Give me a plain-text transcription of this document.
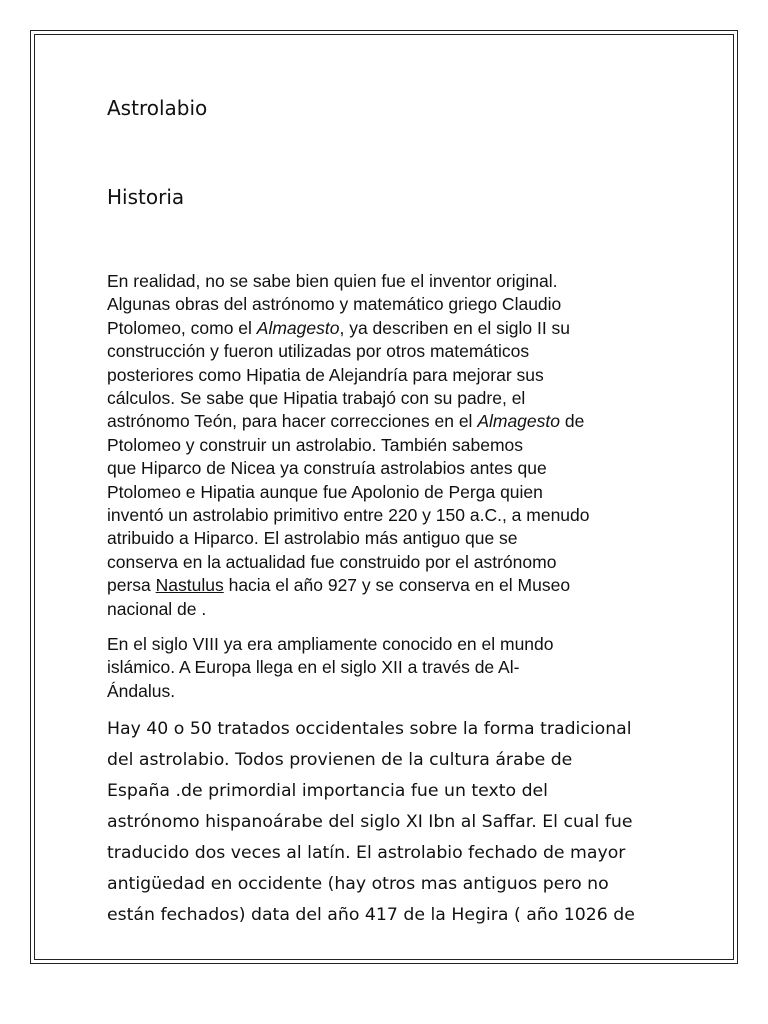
Astrolabio
Historia

En realidad, no se sabe bien quien fue el inventor original.
Algunas obras del astrónomo y matemático griego Claudio
Ptolomeo, como el Almagesto, ya describen en el siglo II su
construcción y fueron utilizadas por otros matemáticos
posteriores como Hipatia de Alejandría para mejorar sus
cálculos. Se sabe que Hipatia trabajó con su padre, el
astrónomo Teón, para hacer correcciones en el Almagesto de
Ptolomeo y construir un astrolabio. También sabemos
que Hiparco de Nicea ya construía astrolabios antes que
Ptolomeo e Hipatia aunque fue Apolonio de Perga quien
inventó un astrolabio primitivo entre 220 y 150 a.C., a menudo
atribuido a Hiparco. El astrolabio más antiguo que se
conserva en la actualidad fue construido por el astrónomo
persa Nastulus hacia el año 927 y se conserva en el Museo
nacional de .

En el siglo VIII ya era ampliamente conocido en el mundo
islámico. A Europa llega en el siglo XII a través de Al-
Ándalus.

Hay 40 o 50 tratados occidentales sobre la forma tradicional
del astrolabio. Todos provienen de la cultura árabe de
España .de primordial importancia fue un texto del
astrónomo hispanoárabe del siglo XI Ibn al Saffar. El cual fue
traducido dos veces al latín. El astrolabio fechado de mayor
antigüedad en occidente (hay otros mas antiguos pero no
están fechados) data del año 417 de la Hegira ( año 1026 de
